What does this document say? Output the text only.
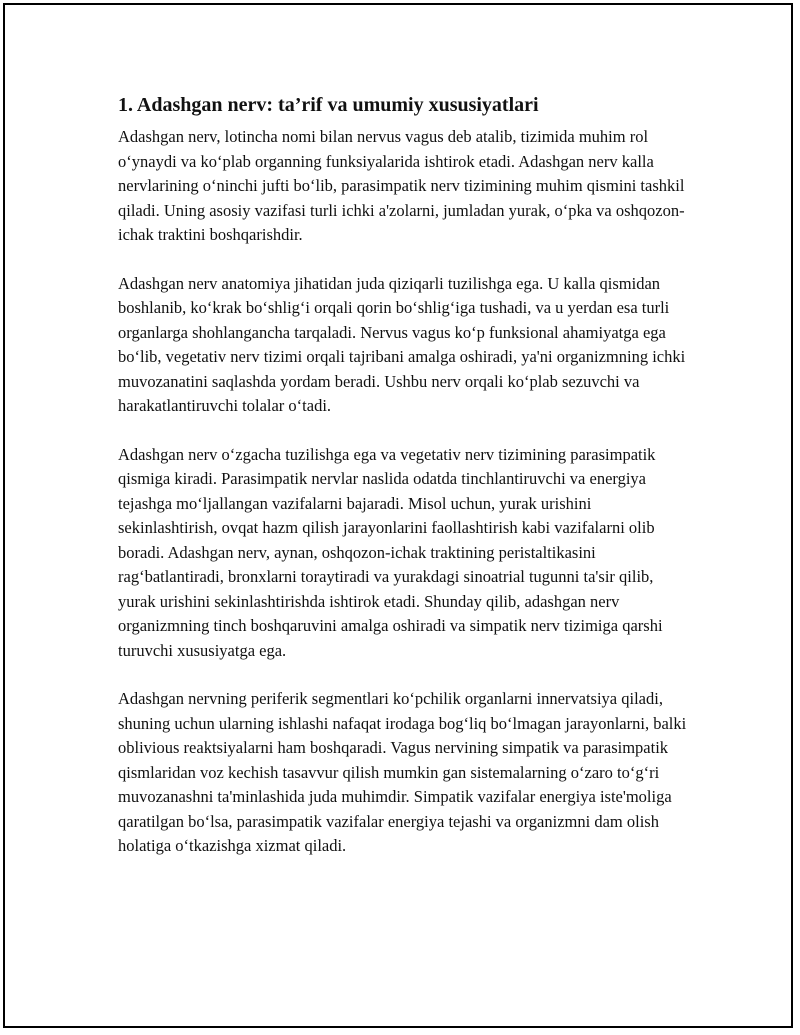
1. Adashgan nerv: ta’rif va umumiy xususiyatlari

Adashgan nerv, lotincha nomi bilan nervus vagus deb atalib, tizimida muhim rol o‘ynaydi va ko‘plab organning funksiyalarida ishtirok etadi. Adashgan nerv kalla nervlarining o‘ninchi jufti bo‘lib, parasimpatik nerv tizimining muhim qismini tashkil qiladi. Uning asosiy vazifasi turli ichki a'zolarni, jumladan yurak, o‘pka va oshqozon-ichak traktini boshqarishdir.

Adashgan nerv anatomiya jihatidan juda qiziqarli tuzilishga ega. U kalla qismidan boshlanib, ko‘krak bo‘shlig‘i orqali qorin bo‘shlig‘iga tushadi, va u yerdan esa turli organlarga shohlangancha tarqaladi. Nervus vagus ko‘p funksional ahamiyatga ega bo‘lib, vegetativ nerv tizimi orqali tajribani amalga oshiradi, ya'ni organizmning ichki muvozanatini saqlashda yordam beradi. Ushbu nerv orqali ko‘plab sezuvchi va harakatlantiruvchi tolalar o‘tadi.

Adashgan nerv o‘zgacha tuzilishga ega va vegetativ nerv tizimining parasimpatik qismiga kiradi. Parasimpatik nervlar naslida odatda tinchlantiruvchi va energiya tejashga mo‘ljallangan vazifalarni bajaradi. Misol uchun, yurak urishini sekinlashtirish, ovqat hazm qilish jarayonlarini faollashtirish kabi vazifalarni olib boradi. Adashgan nerv, aynan, oshqozon-ichak traktining peristaltikasini rag‘batlantiradi, bronxlarni toraytiradi va yurakdagi sinoatrial tugunni ta'sir qilib, yurak urishini sekinlashtirishda ishtirok etadi. Shunday qilib, adashgan nerv organizmning tinch boshqaruvini amalga oshiradi va simpatik nerv tizimiga qarshi turuvchi xususiyatga ega.

Adashgan nervning periferik segmentlari ko‘pchilik organlarni innervatsiya qiladi, shuning uchun ularning ishlashi nafaqat irodaga bog‘liq bo‘lmagan jarayonlarni, balki oblivious reaktsiyalarni ham boshqaradi. Vagus nervining simpatik va parasimpatik qismlaridan voz kechish tasavvur qilish mumkin gan sistemalarning o‘zaro to‘g‘ri muvozanashni ta'minlashida juda muhimdir. Simpatik vazifalar energiya iste'moliga qaratilgan bo‘lsa, parasimpatik vazifalar energiya tejashi va organizmni dam olish holatiga o‘tkazishga xizmat qiladi.
